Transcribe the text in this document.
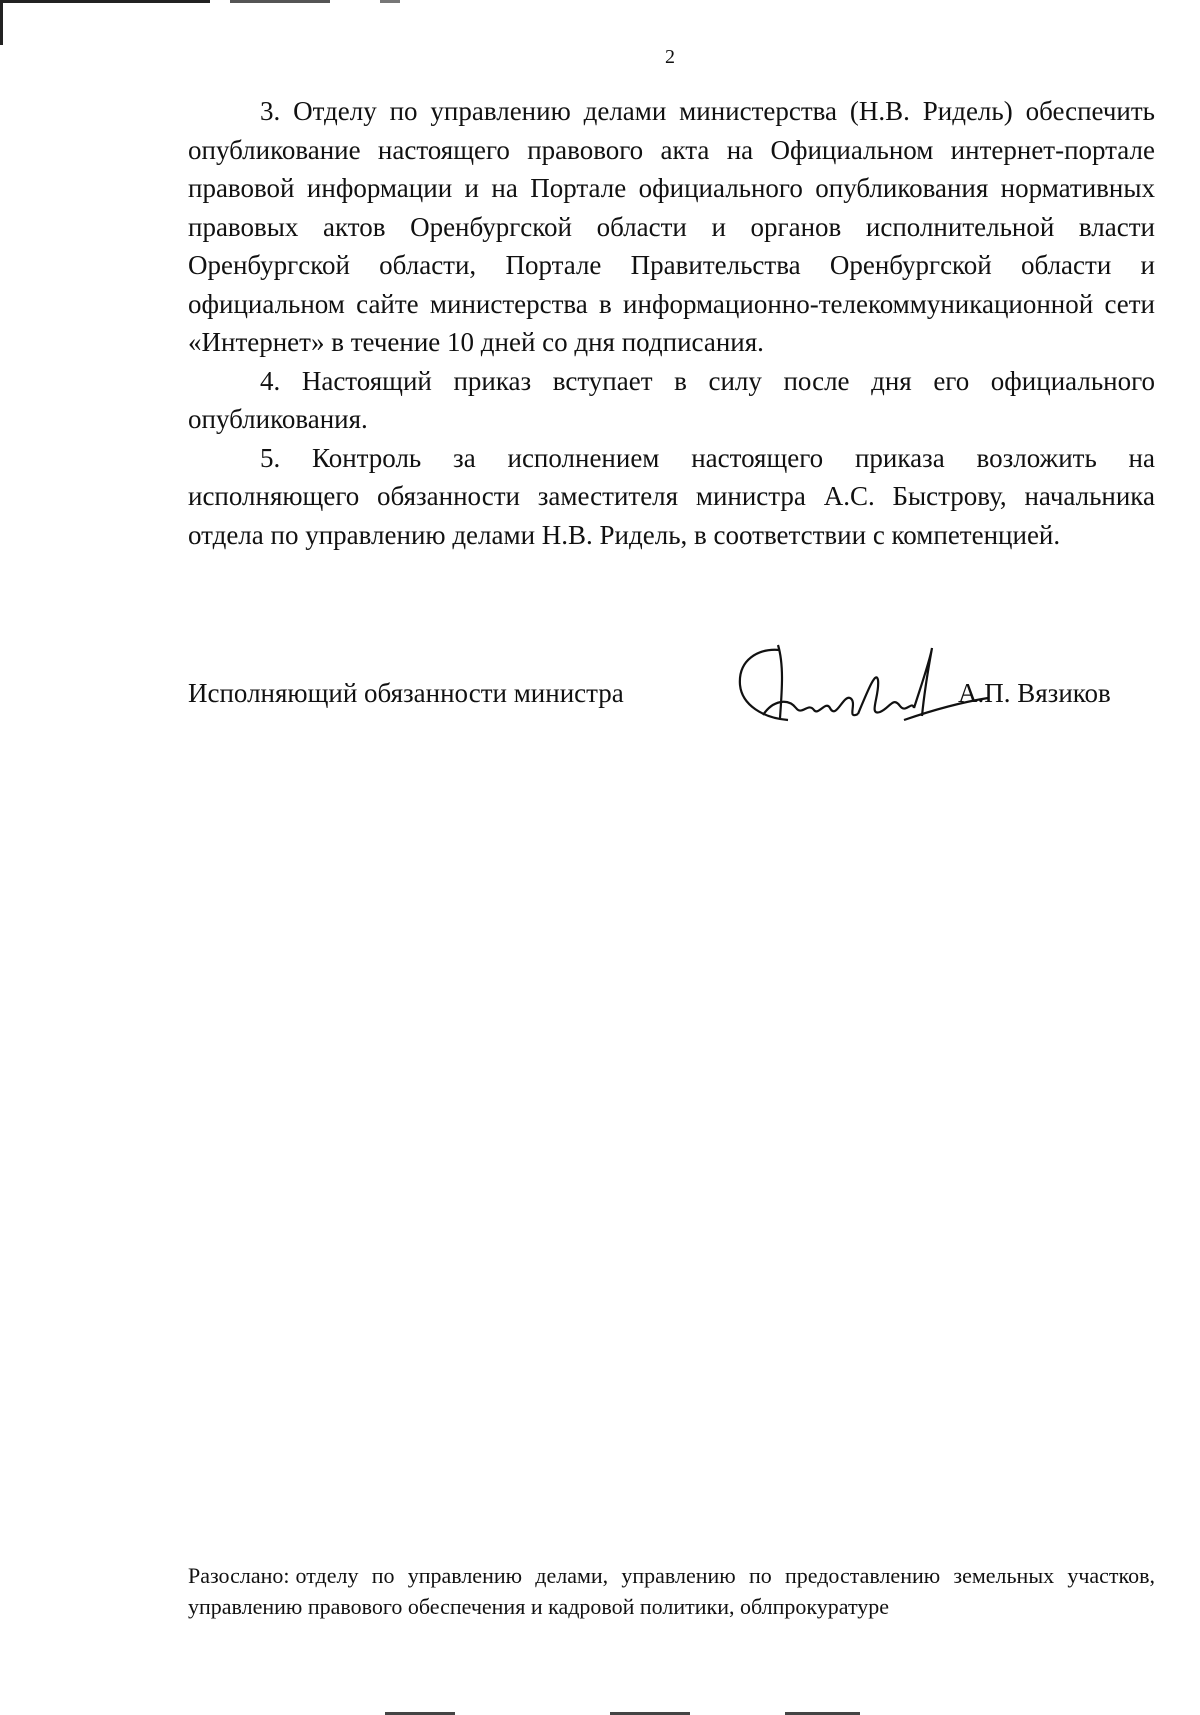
2

3. Отделу по управлению делами министерства (Н.В. Ридель) обеспечить опубликование настоящего правового акта на Официальном интернет-портале правовой информации и на Портале официального опубликования нормативных правовых актов Оренбургской области и органов исполнительной власти Оренбургской области, Портале Правительства Оренбургской области и официальном сайте министерства в информационно-телекоммуникационной сети «Интернет» в течение 10 дней со дня подписания.

4. Настоящий приказ вступает в силу после дня его официального опубликования.

5. Контроль за исполнением настоящего приказа возложить на исполняющего обязанности заместителя министра А.С. Быстрову, начальника отдела по управлению делами Н.В. Ридель, в соответствии с компетенцией.

Исполняющий обязанности министра	А.П. Вязиков
Разослано: отделу по управлению делами, управлению по предоставлению земельных участков, управлению правового обеспечения и кадровой политики, облпрокуратуре
